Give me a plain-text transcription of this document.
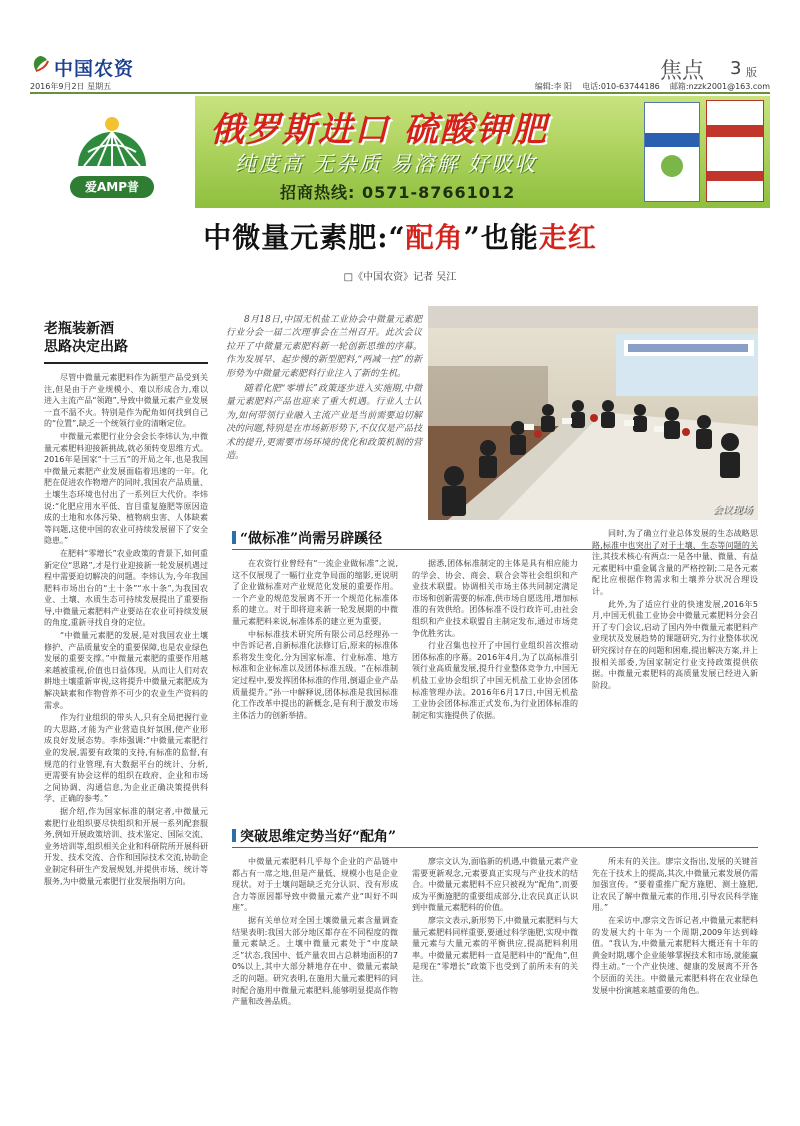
中国农资
2016年9月2日 星期五
焦点 3 版
编辑:李 阳 电话:010-63744186 邮箱:nzzk2001@163.com
爱AMP普
俄罗斯进口 硫酸钾肥
纯度高 无杂质 易溶解 好吸收
招商热线: 0571-87661012
中微量元素肥:“配角”也能走红
□《中国农资》记者 吴江
老瓶装新酒
思路决定出路

尽管中微量元素肥料作为新型产品受到关注,但是由于产业规模小、难以形成合力,难以进入主流产品“领跑”,导致中微量元素产业发展一直不温不火。特别是作为配角如何找到自己的“位置”,缺乏一个统领行业的清晰定位。

中微量元素肥行业分会会长李炜认为,中微量元素肥料迎接新挑战,就必须转变思维方式。2016年是国家“十三五”的开局之年,也是我国中微量元素肥产业发展面临着迅速的一年。化肥在促进农作物增产的同时,我国农产品质量、土壤生态环境也付出了一系列巨大代价。李炜说:“化肥应用水平低、盲目重复施肥等原因造成的土地和水体污染、植物病虫害、人体缺素等问题,这使中国的农业可持续发展留下了安全隐患。”

在肥料“零增长”农业政策的背景下,如何重新定位“思路”,才是行业迎接新一轮发展机遇过程中需要迫切解决的问题。李炜认为,今年我国肥料市场出台的“土十条”“水十条”,为我国农业、土壤、水质生态可持续发展提出了重要指导,中微量元素肥料产业要站在农业可持续发展的角度,重新寻找自身的定位。

“中微量元素肥的发展,是对我国农业土壤修护、产品质量安全的重要保障,也是农业绿色发展的重要支撑。”中微量元素肥的重要作用越来越被重视,价值也日益体现。从而让人们对农耕地土壤重新审视,这将提升中微量元素肥成为解决缺素和作物营养不可少的农业生产资料的需求。

作为行业组织的带头人,只有全局把握行业的大思路,才能为产业营造良好氛围,使产业形成良好发展态势。李炜强调:“中微量元素肥行业的发展,需要有政策的支持,有标准的监督,有规范的行业管理,有大数据平台的统计、分析,更需要有协会这样的组织在政府、企业和市场之间协调、沟通信息,为企业正确决策提供科学、正确的参考。”

据介绍,作为国家标准的制定者,中微量元素肥行业组织要尽快组织和开展一系列配套服务,例如开展政策培训、技术鉴定、国际交流、业务培训等,组织相关企业和科研院所开展科研开发、技术交流、合作和国际技术交流,协助企业制定科研生产发展规划,并提供市场、统计等服务,为中微量元素肥行业发展指明方向。

8月18日,中国无机盐工业协会中微量元素肥行业分会一届二次理事会在兰州召开。此次会议拉开了中微量元素肥料新一轮创新思维的序幕。作为发展早、起步慢的新型肥料,“两减一控”的新形势为中微量元素肥料行业注入了新的生机。

随着化肥“零增长”政策逐步进入实施期,中微量元素肥料产品也迎来了重大机遇。行业人士认为,如何带领行业融入主流产业是当前需要迫切解决的问题,特别是在市场新形势下,不仅仅是产品技术的提升,更需要市场环境的优化和政策机制的营造。

会议现场
“做标准”尚需另辟蹊径

在农资行业曾经有“一流企业做标准”之说,这不仅展现了一幅行业竞争局面的缩影,更说明了企业做标准对产业规范化发展的重要作用。一个产业的规范发展离不开一个规范化标准体系的建立。对于即将迎来新一轮发展期的中微量元素肥料来说,标准体系的建立更为重要。

中标标准技术研究所有限公司总经理孙一中告诉记者,自新标准化法修订后,原来的标准体系将发生变化,分为国家标准、行业标准、地方标准和企业标准以及团体标准五级。“在标准制定过程中,要发挥团体标准的作用,倒逼企业产品质量提升。”孙一中解释说,团体标准是我国标准化工作改革中提出的新概念,是有利于激发市场主体活力的创新举措。

据悉,团体标准制定的主体是具有相应能力的学会、协会、商会、联合会等社会组织和产业技术联盟。协调相关市场主体共同制定满足市场和创新需要的标准,供市场自愿选用,增加标准的有效供给。团体标准不设行政许可,由社会组织和产业技术联盟自主制定发布,通过市场竞争优胜劣汰。

行业召集也拉开了中国行业组织首次推动团体标准的序幕。2016年4月,为了以高标准引领行业高质量发展,提升行业整体竞争力,中国无机盐工业协会组织了中国无机盐工业协会团体标准管理办法。2016年6月17日,中国无机盐工业协会团体标准正式发布,为行业团体标准的制定和实施提供了依据。

同时,为了确立行业总体发展的生态战略思路,标准中也突出了对于土壤、生态等问题的关注,其技术核心有两点:一是各中量、微量、有益元素肥料中重金属含量的严格控制;二是各元素配比应根据作物需求和土壤养分状况合理设计。

此外,为了适应行业的快速发展,2016年5月,中国无机盐工业协会中微量元素肥料分会召开了专门会议,启动了国内外中微量元素肥料产业现状及发展趋势的课题研究,为行业整体状况研究探讨存在的问题和困难,提出解决方案,并上报相关部委,为国家制定行业支持政策提供依据。中微量元素肥料的高质量发展已经进入新阶段。

突破思维定势当好“配角”

中微量元素肥料几乎每个企业的产品链中都占有一席之地,但是产量低、规模小也是企业现状。对于土壤问题缺乏充分认识、没有形成合力等原因都导致中微量元素产业“叫好不叫座”。

据有关单位对全国土壤微量元素含量调查结果表明:我国大部分地区都存在不同程度的微量元素缺乏。土壤中微量元素处于“中度缺乏”状态,我国中、低产量农田占总耕地面积的70%以上,其中大部分耕地存在中、微量元素缺乏的问题。研究表明,在施用大量元素肥料的同时配合施用中微量元素肥料,能够明显提高作物产量和改善品质。

廖宗文认为,面临新的机遇,中微量元素产业需要更新观念,元素要真正实现与产业技术的结合。中微量元素肥料不应只被视为“配角”,而要成为平衡施肥的重要组成部分,让农民真正认识到中微量元素肥料的价值。

廖宗文表示,新形势下,中微量元素肥料与大量元素肥料同样重要,要通过科学施肥,实现中微量元素与大量元素的平衡供应,提高肥料利用率。中微量元素肥料一直是肥料中的“配角”,但是现在“零增长”政策下也受到了前所未有的关注。

所未有的关注。廖宗文指出,发展的关键首先在于技术上的提高,其次,中微量元素发展仍需加强宣传。“要着重推广配方施肥、测土施肥,让农民了解中微量元素的作用,引导农民科学施用。”

在采访中,廖宗文告诉记者,中微量元素肥料的发展大约十年为一个周期,2009年达到峰值。“我认为,中微量元素肥料大概还有十年的黄金时期,哪个企业能够掌握技术和市场,就能赢得主动。”一个产业快速、健康的发展离不开各个层面的关注。中微量元素肥料将在农业绿色发展中扮演越来越重要的角色。
